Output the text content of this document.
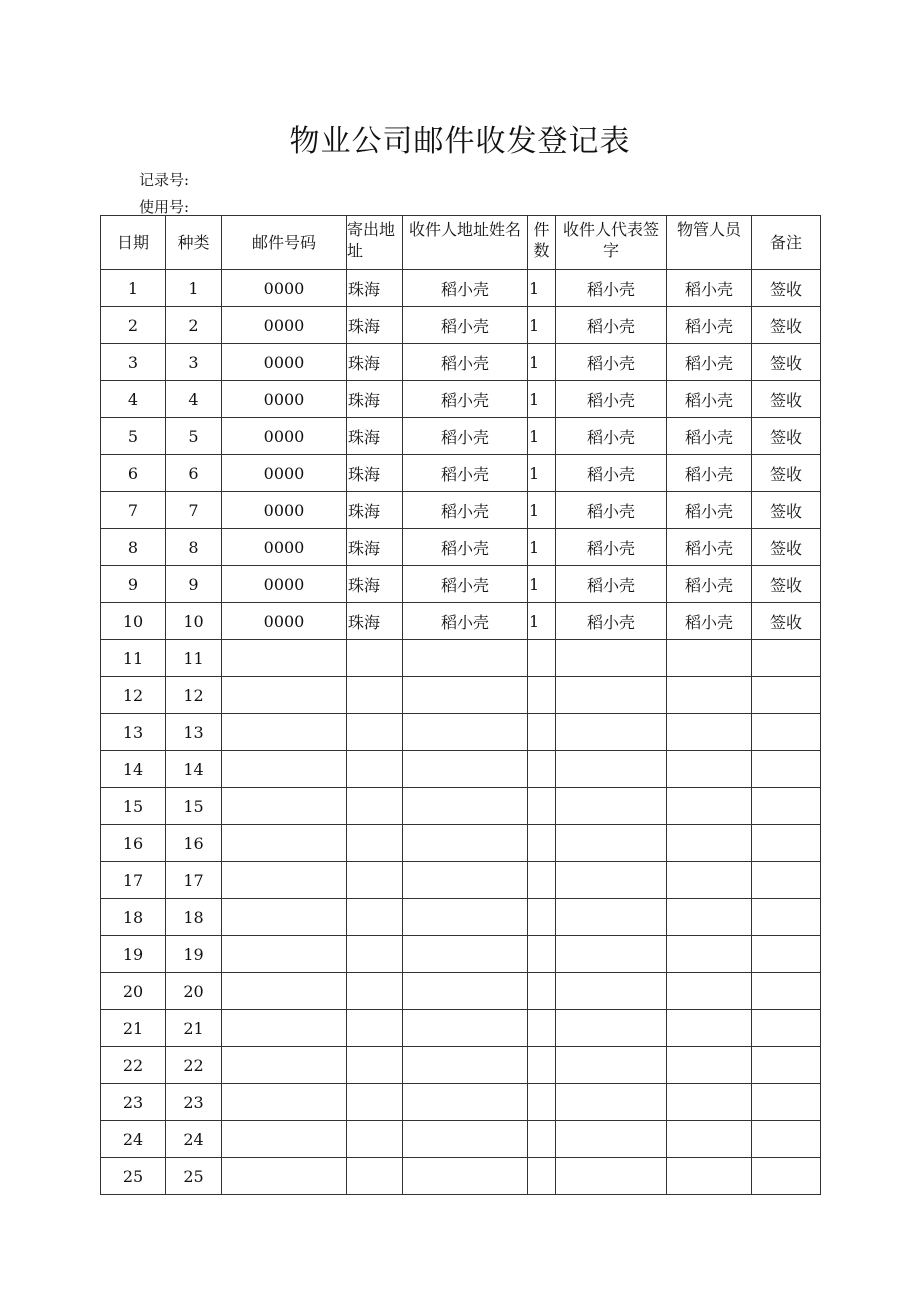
物业公司邮件收发登记表
记录号:
使用号:
日期	种类	邮件号码	寄出地址	收件人地址姓名	件数	收件人代表签字	物管人员	备注
1	1	0000	珠海	稻小壳	1	稻小壳	稻小壳	签收
2	2	0000	珠海	稻小壳	1	稻小壳	稻小壳	签收
3	3	0000	珠海	稻小壳	1	稻小壳	稻小壳	签收
4	4	0000	珠海	稻小壳	1	稻小壳	稻小壳	签收
5	5	0000	珠海	稻小壳	1	稻小壳	稻小壳	签收
6	6	0000	珠海	稻小壳	1	稻小壳	稻小壳	签收
7	7	0000	珠海	稻小壳	1	稻小壳	稻小壳	签收
8	8	0000	珠海	稻小壳	1	稻小壳	稻小壳	签收
9	9	0000	珠海	稻小壳	1	稻小壳	稻小壳	签收
10	10	0000	珠海	稻小壳	1	稻小壳	稻小壳	签收
11	11							
12	12							
13	13							
14	14							
15	15							
16	16							
17	17							
18	18							
19	19							
20	20							
21	21							
22	22							
23	23							
24	24							
25	25							
